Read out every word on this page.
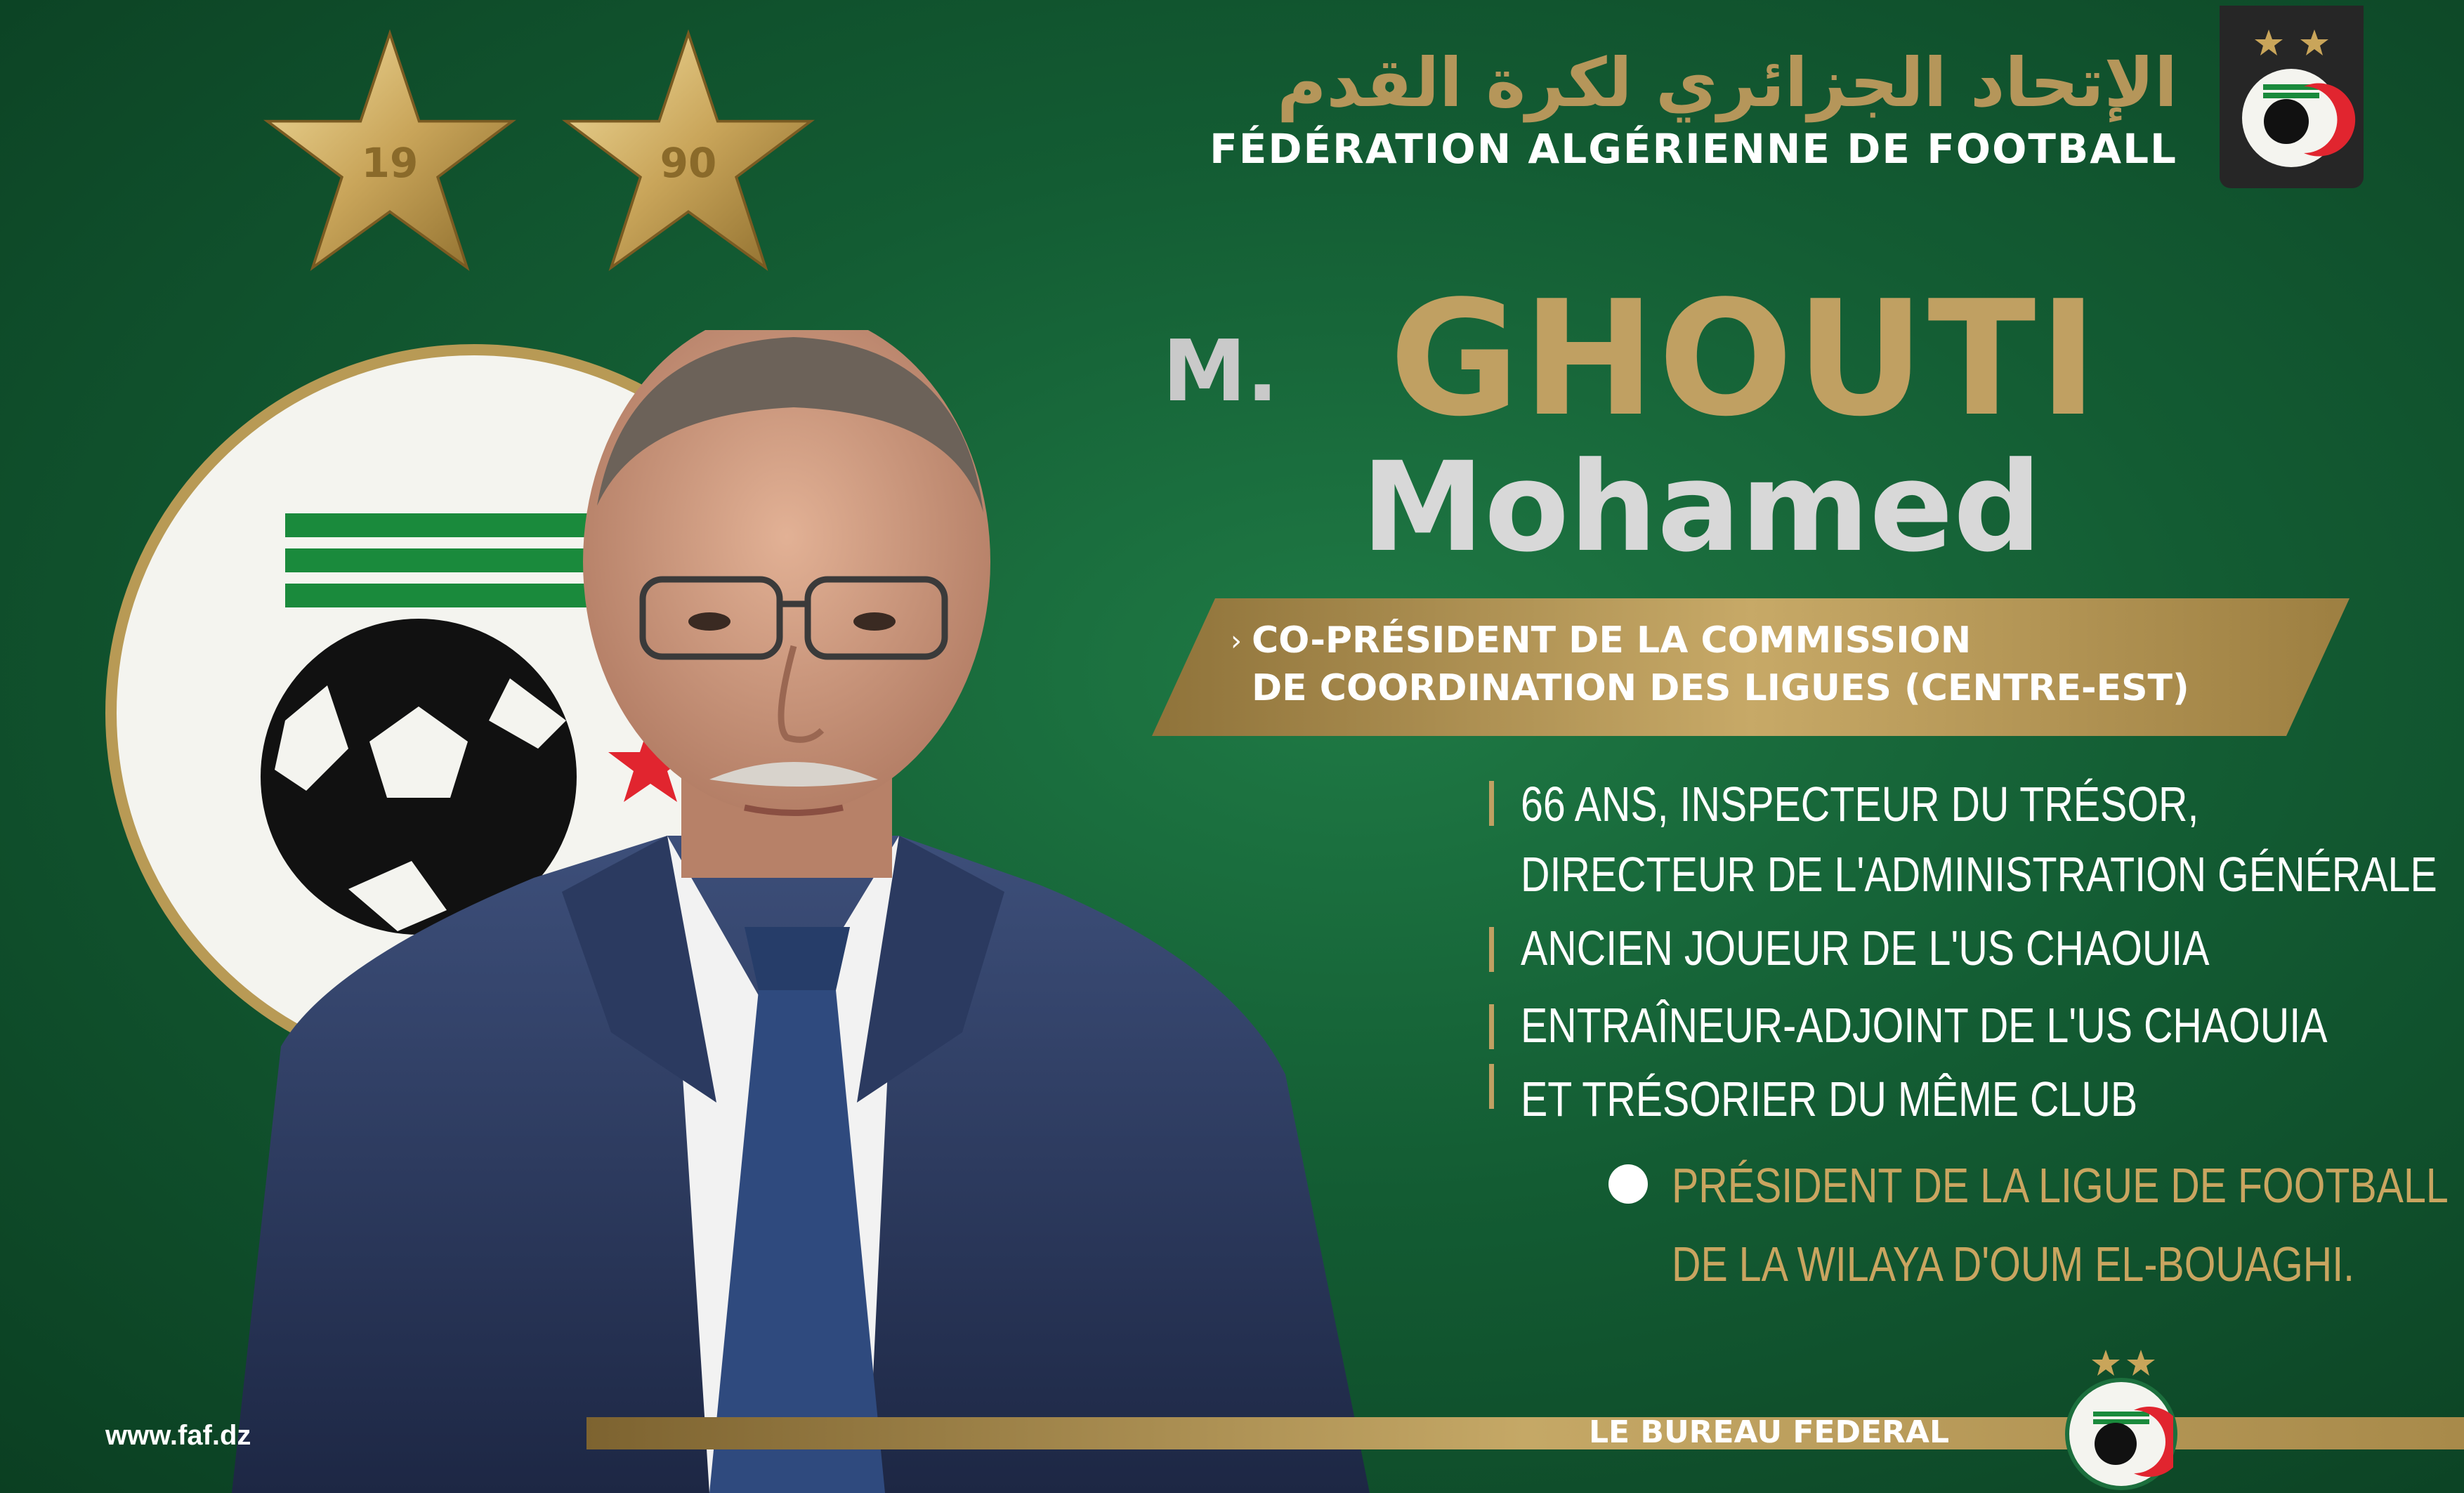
19	90
الإتحاد الجزائري لكرة القدم
FÉDÉRATION ALGÉRIENNE DE FOOTBALL
M. GHOUTI
Mohamed
› CO-PRÉSIDENT DE LA COMMISSION
DE COORDINATION DES LIGUES (CENTRE-EST)
66 ANS, INSPECTEUR DU TRÉSOR,
DIRECTEUR DE L'ADMINISTRATION GÉNÉRALE
ANCIEN JOUEUR DE L'US CHAOUIA
ENTRAÎNEUR-ADJOINT DE L'US CHAOUIA
ET TRÉSORIER DU MÊME CLUB
PRÉSIDENT DE LA LIGUE DE FOOTBALL
DE LA WILAYA D'OUM EL-BOUAGHI.
www.faf.dz	LE BUREAU FEDERAL
